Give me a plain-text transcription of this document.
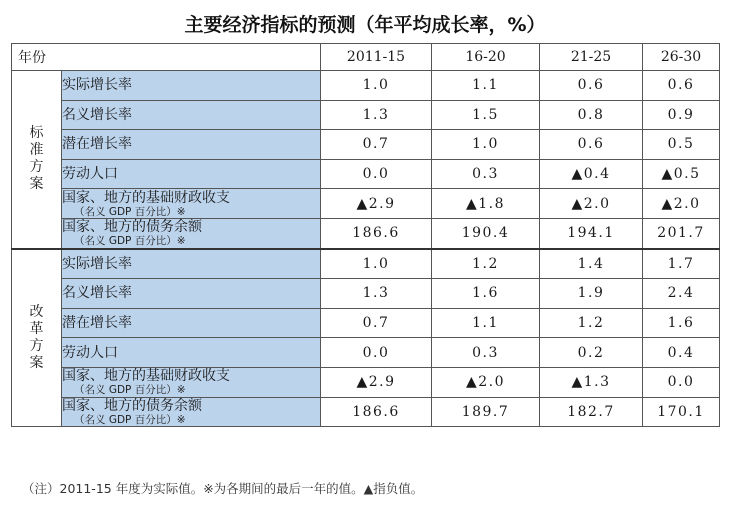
主要经济指标的预测（年平均成长率，%）
年份		2011-15	16-20	21-25	26-30
标准方案	实际增长率	1.0	1.1	0.6	0.6

	名义增长率	1.3	1.5	0.8	0.9

	潜在增长率	0.7	1.0	0.6	0.5

	劳动人口	0.0	0.3	▲0.4	▲0.5

	国家、地方的基础财政收支
（名义 GDP 百分比）※	▲2.9	▲1.8	▲2.0	▲2.0

	国家、地方的债务余额
（名义 GDP 百分比）※	186.6	190.4	194.1	201.7
改革方案	实际增长率	1.0	1.2	1.4	1.7

	名义增长率	1.3	1.6	1.9	2.4

	潜在增长率	0.7	1.1	1.2	1.6

	劳动人口	0.0	0.3	0.2	0.4

	国家、地方的基础财政收支
（名义 GDP 百分比）※	▲2.9	▲2.0	▲1.3	0.0

	国家、地方的债务余额
（名义 GDP 百分比）※	186.6	189.7	182.7	170.1
（注）2011-15 年度为实际值。※为各期间的最后一年的值。▲指负值。
